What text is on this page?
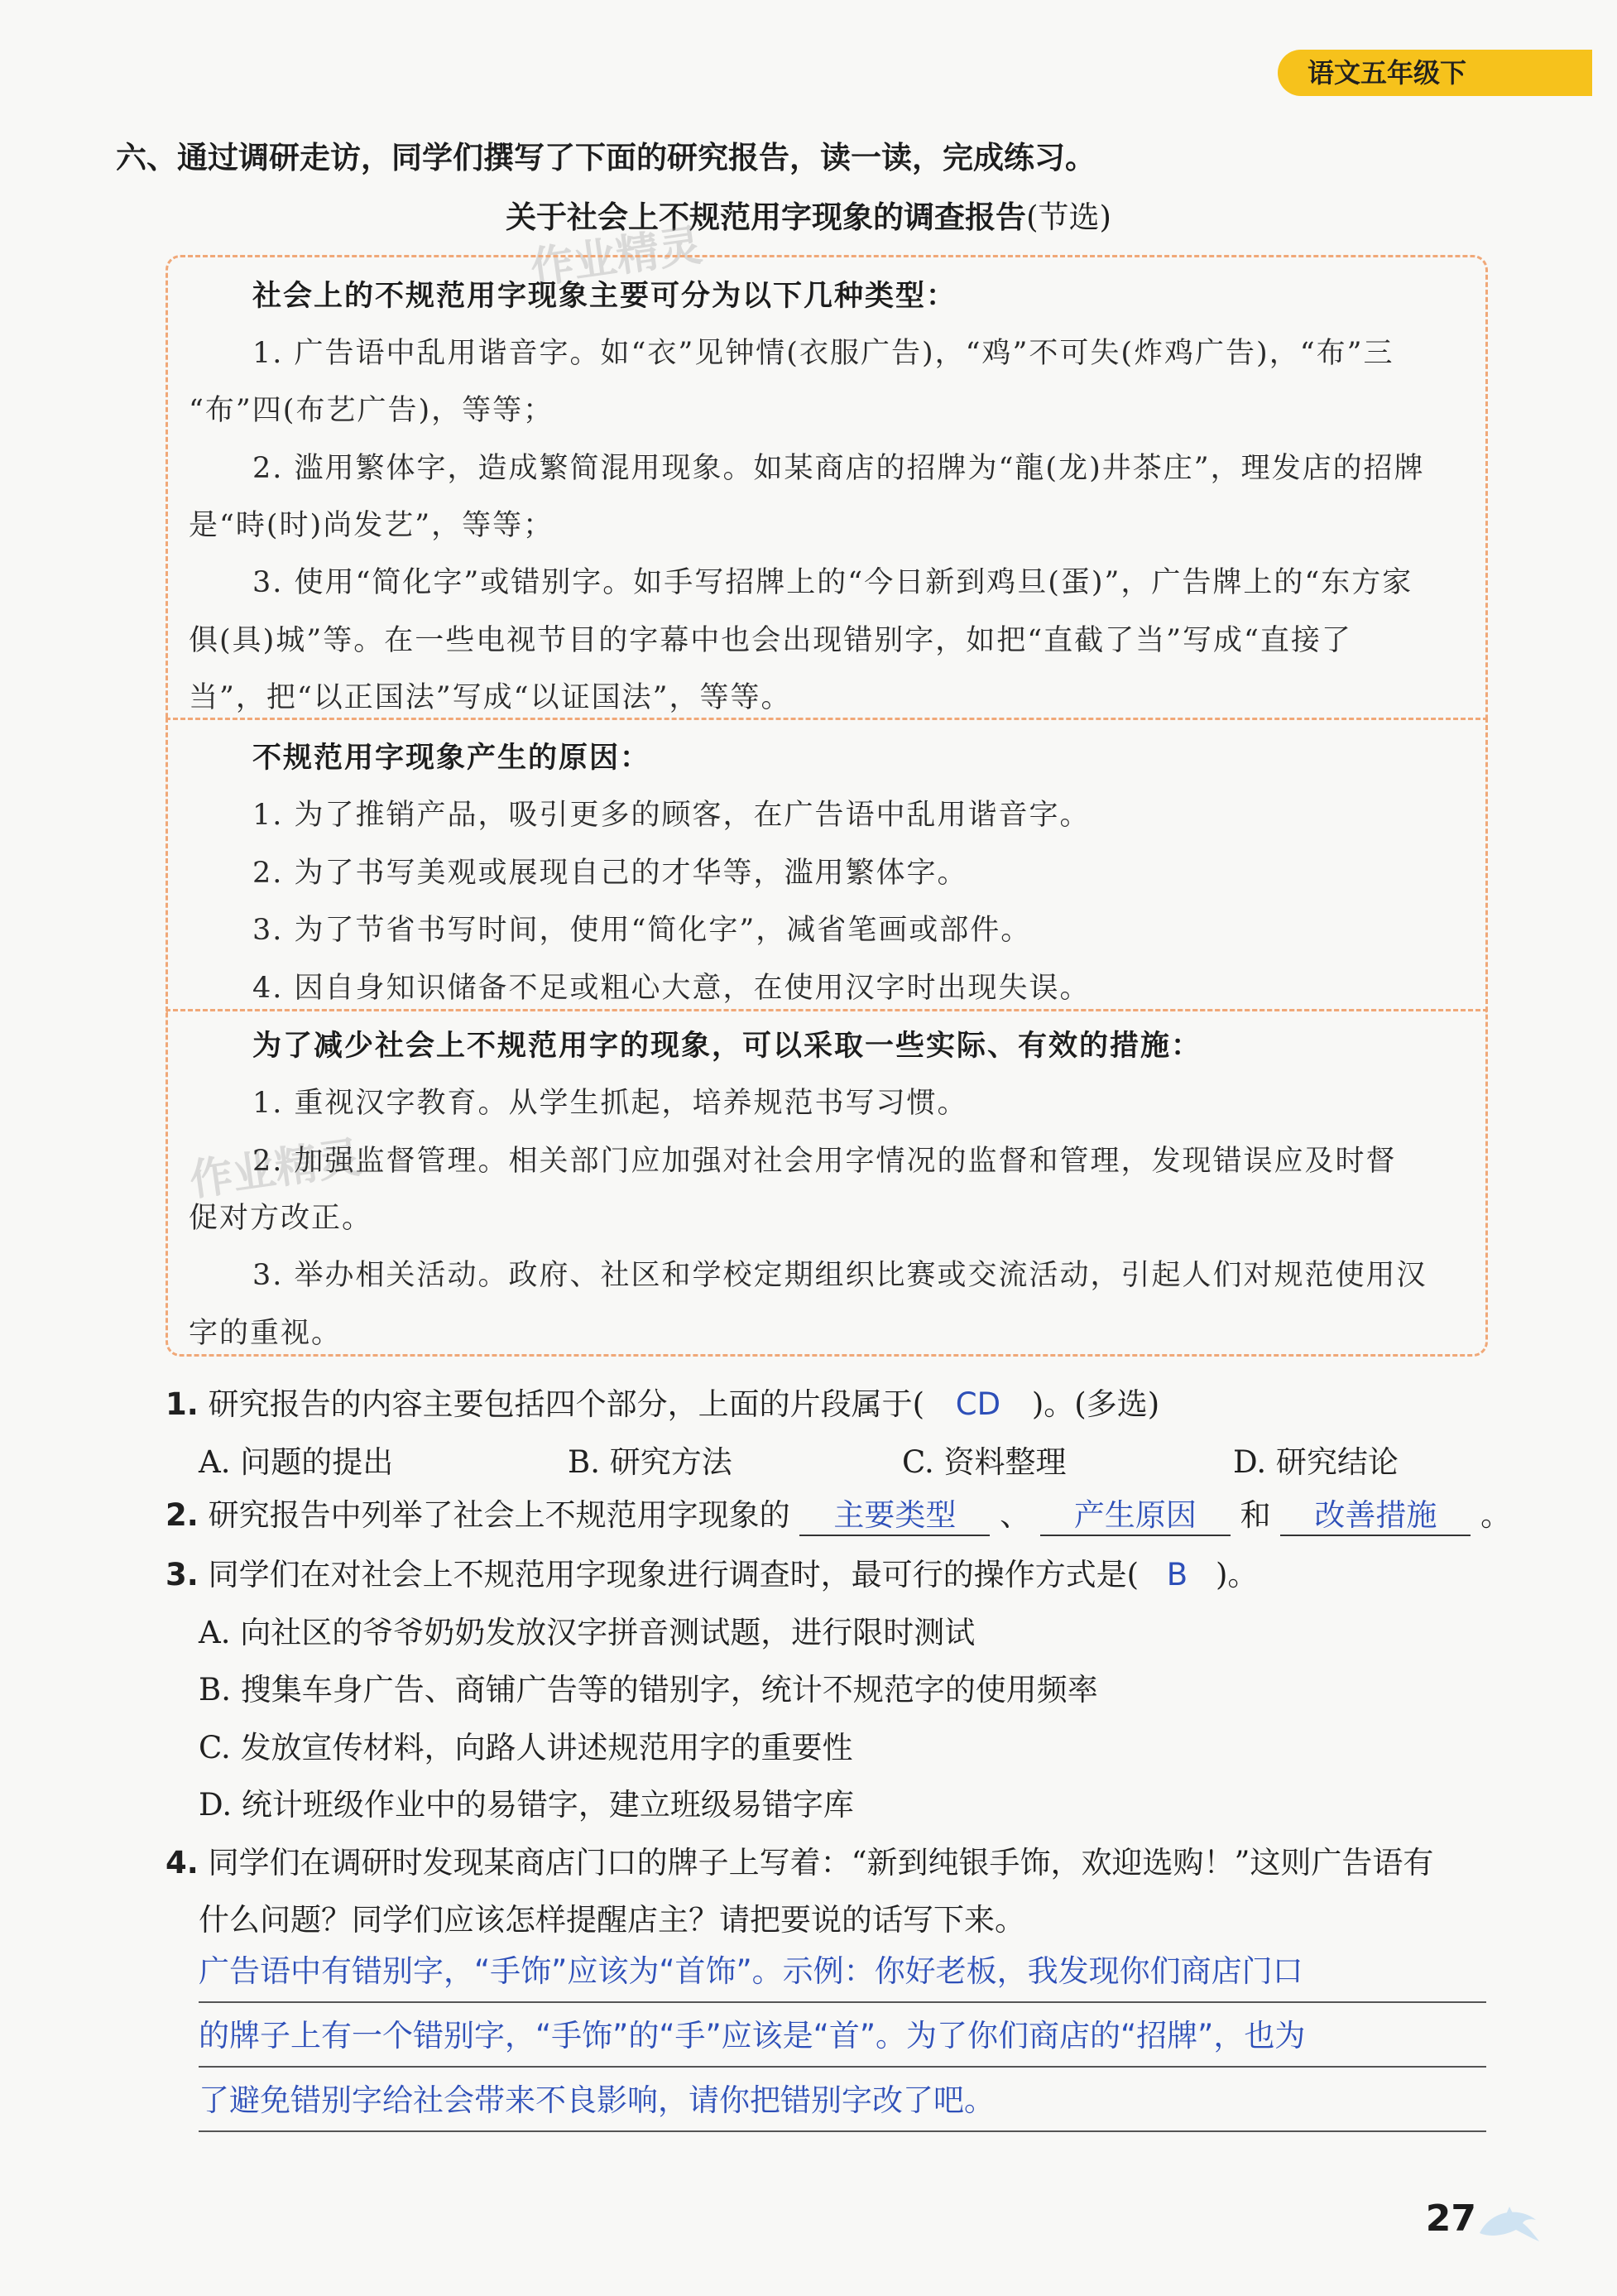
语文五年级下
六、通过调研走访，同学们撰写了下面的研究报告，读一读，完成练习。
关于社会上不规范用字现象的调查报告(节选)
作业精灵
作业精灵
社会上的不规范用字现象主要可分为以下几种类型：
1. 广告语中乱用谐音字。如“衣”见钟情(衣服广告)，“鸡”不可失(炸鸡广告)，“布”三
“布”四(布艺广告)，等等；
2. 滥用繁体字，造成繁简混用现象。如某商店的招牌为“龍(龙)井茶庄”，理发店的招牌
是“時(时)尚发艺”，等等；
3. 使用“简化字”或错别字。如手写招牌上的“今日新到鸡旦(蛋)”，广告牌上的“东方家
俱(具)城”等。在一些电视节目的字幕中也会出现错别字，如把“直截了当”写成“直接了
当”，把“以正国法”写成“以证国法”，等等。
不规范用字现象产生的原因：
1. 为了推销产品，吸引更多的顾客，在广告语中乱用谐音字。
2. 为了书写美观或展现自己的才华等，滥用繁体字。
3. 为了节省书写时间，使用“简化字”，减省笔画或部件。
4. 因自身知识储备不足或粗心大意，在使用汉字时出现失误。
为了减少社会上不规范用字的现象，可以采取一些实际、有效的措施：
1. 重视汉字教育。从学生抓起，培养规范书写习惯。
2. 加强监督管理。相关部门应加强对社会用字情况的监督和管理，发现错误应及时督
促对方改正。
3. 举办相关活动。政府、社区和学校定期组织比赛或交流活动，引起人们对规范使用汉
字的重视。
1. 研究报告的内容主要包括四个部分，上面的片段属于( CD )。(多选)
A. 问题的提出	B. 研究方法	C. 资料整理	D. 研究结论
2. 研究报告中列举了社会上不规范用字现象的 主要类型 、 产生原因 和 改善措施 。
3. 同学们在对社会上不规范用字现象进行调查时，最可行的操作方式是( B )。
A. 向社区的爷爷奶奶发放汉字拼音测试题，进行限时测试
B. 搜集车身广告、商铺广告等的错别字，统计不规范字的使用频率
C. 发放宣传材料，向路人讲述规范用字的重要性
D. 统计班级作业中的易错字，建立班级易错字库
4. 同学们在调研时发现某商店门口的牌子上写着：“新到纯银手饰，欢迎选购！”这则广告语有
什么问题？同学们应该怎样提醒店主？请把要说的话写下来。
广告语中有错别字，“手饰”应该为“首饰”。示例：你好老板，我发现你们商店门口
的牌子上有一个错别字，“手饰”的“手”应该是“首”。为了你们商店的“招牌”，也为
了避免错别字给社会带来不良影响，请你把错别字改了吧。
27
